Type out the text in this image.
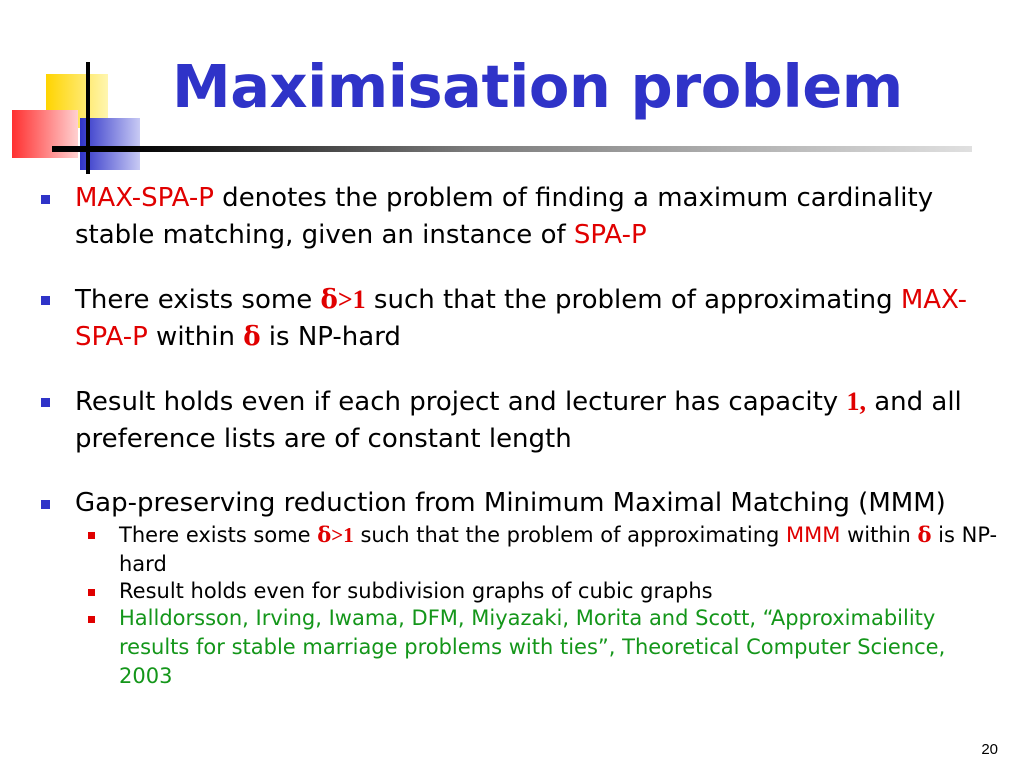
Maximisation problem
MAX-SPA-P denotes the problem of finding a maximum cardinality stable matching, given an instance of SPA-P
There exists some δ>1 such that the problem of approximating MAX-SPA-P within δ is NP-hard
Result holds even if each project and lecturer has capacity 1, and all preference lists are of constant length
Gap-preserving reduction from Minimum Maximal Matching (MMM)
There exists some δ>1 such that the problem of approximating MMM within δ is NP-hard
Result holds even for subdivision graphs of cubic graphs
Halldorsson, Irving, Iwama, DFM, Miyazaki, Morita and Scott, “Approximability results for stable marriage problems with ties”, Theoretical Computer Science, 2003
20
